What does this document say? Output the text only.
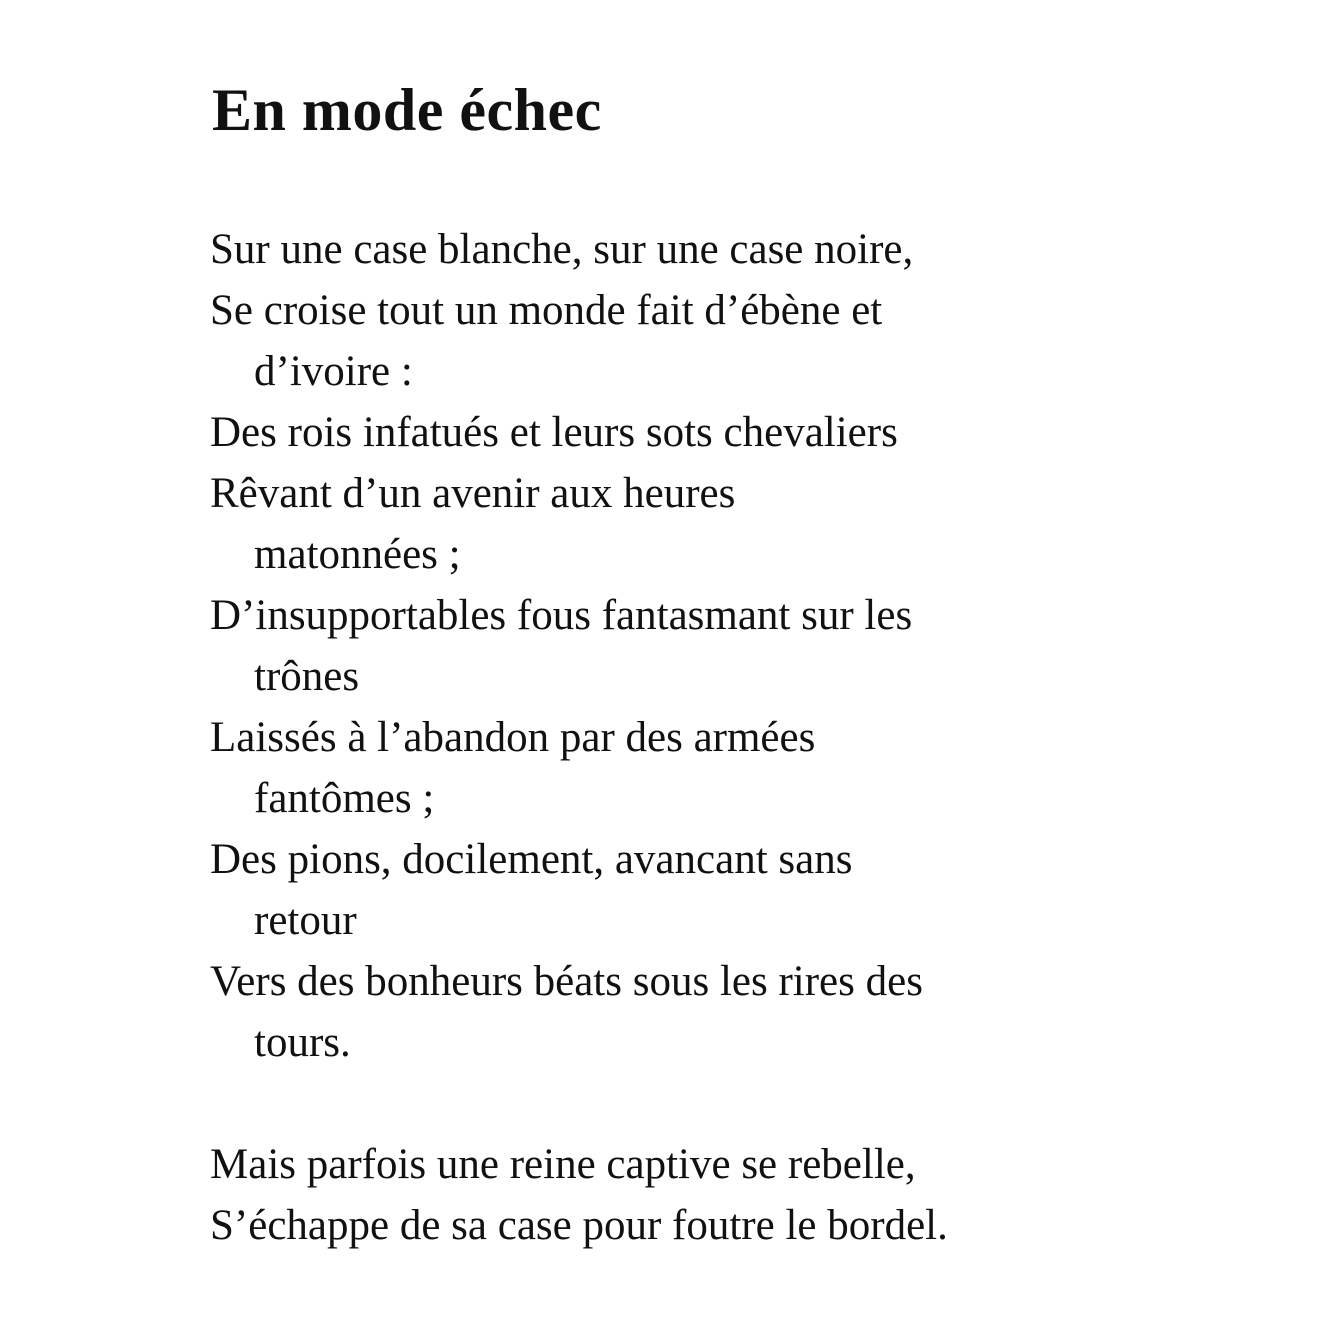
En mode échec
Sur une case blanche, sur une case noire,
Se croise tout un monde fait d’ébène et
d’ivoire :
Des rois infatués et leurs sots chevaliers
Rêvant d’un avenir aux heures
matonnées ;
D’insupportables fous fantasmant sur les
trônes
Laissés à l’abandon par des armées
fantômes ;
Des pions, docilement, avancant sans
retour
Vers des bonheurs béats sous les rires des
tours.
Mais parfois une reine captive se rebelle,
S’échappe de sa case pour foutre le bordel.
